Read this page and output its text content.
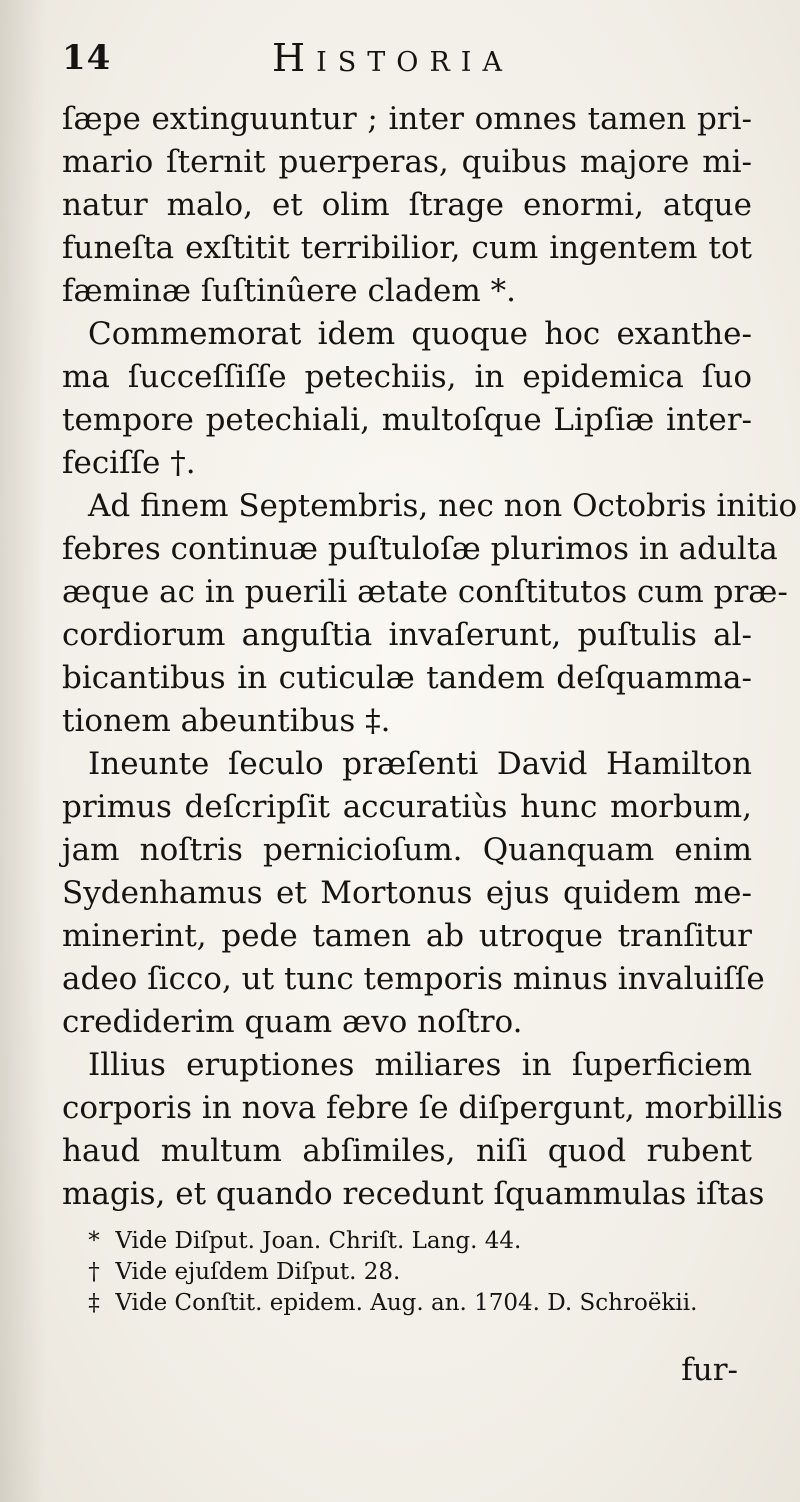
14	Historia
ſæpe extinguuntur ; inter omnes tamen pri-
mario ſternit puerperas, quibus majore mi-
natur malo, et olim ſtrage enormi, atque
funeſta exſtitit terribilior, cum ingentem tot
fæminæ ſuſtinûere cladem *.
Commemorat idem quoque hoc exanthe-
ma ſucceſſiſſe petechiis, in epidemica ſuo
tempore petechiali, multoſque Lipſiæ inter-
feciſſe †.
Ad finem Septembris, nec non Octobris initio
febres continuæ puſtuloſæ plurimos in adulta
æque ac in puerili ætate conſtitutos cum præ-
cordiorum anguſtia invaſerunt, puſtulis al-
bicantibus in cuticulæ tandem deſquamma-
tionem abeuntibus ‡.
Ineunte ſeculo præſenti David Hamilton
primus deſcripſit accuratiùs hunc morbum,
jam noſtris pernicioſum. Quanquam enim
Sydenhamus et Mortonus ejus quidem me-
minerint, pede tamen ab utroque tranſitur
adeo ſicco, ut tunc temporis minus invaluiſſe
crediderim quam ævo noſtro.
Illius eruptiones miliares in ſuperficiem
corporis in nova febre ſe diſpergunt, morbillis
haud multum abſimiles, niſi quod rubent
magis, et quando recedunt ſquammulas iſtas
* Vide Diſput. Joan. Chriſt. Lang. 44.
† Vide ejuſdem Diſput. 28.
‡ Vide Conſtit. epidem. Aug. an. 1704. D. Schroëkii.
fur-
